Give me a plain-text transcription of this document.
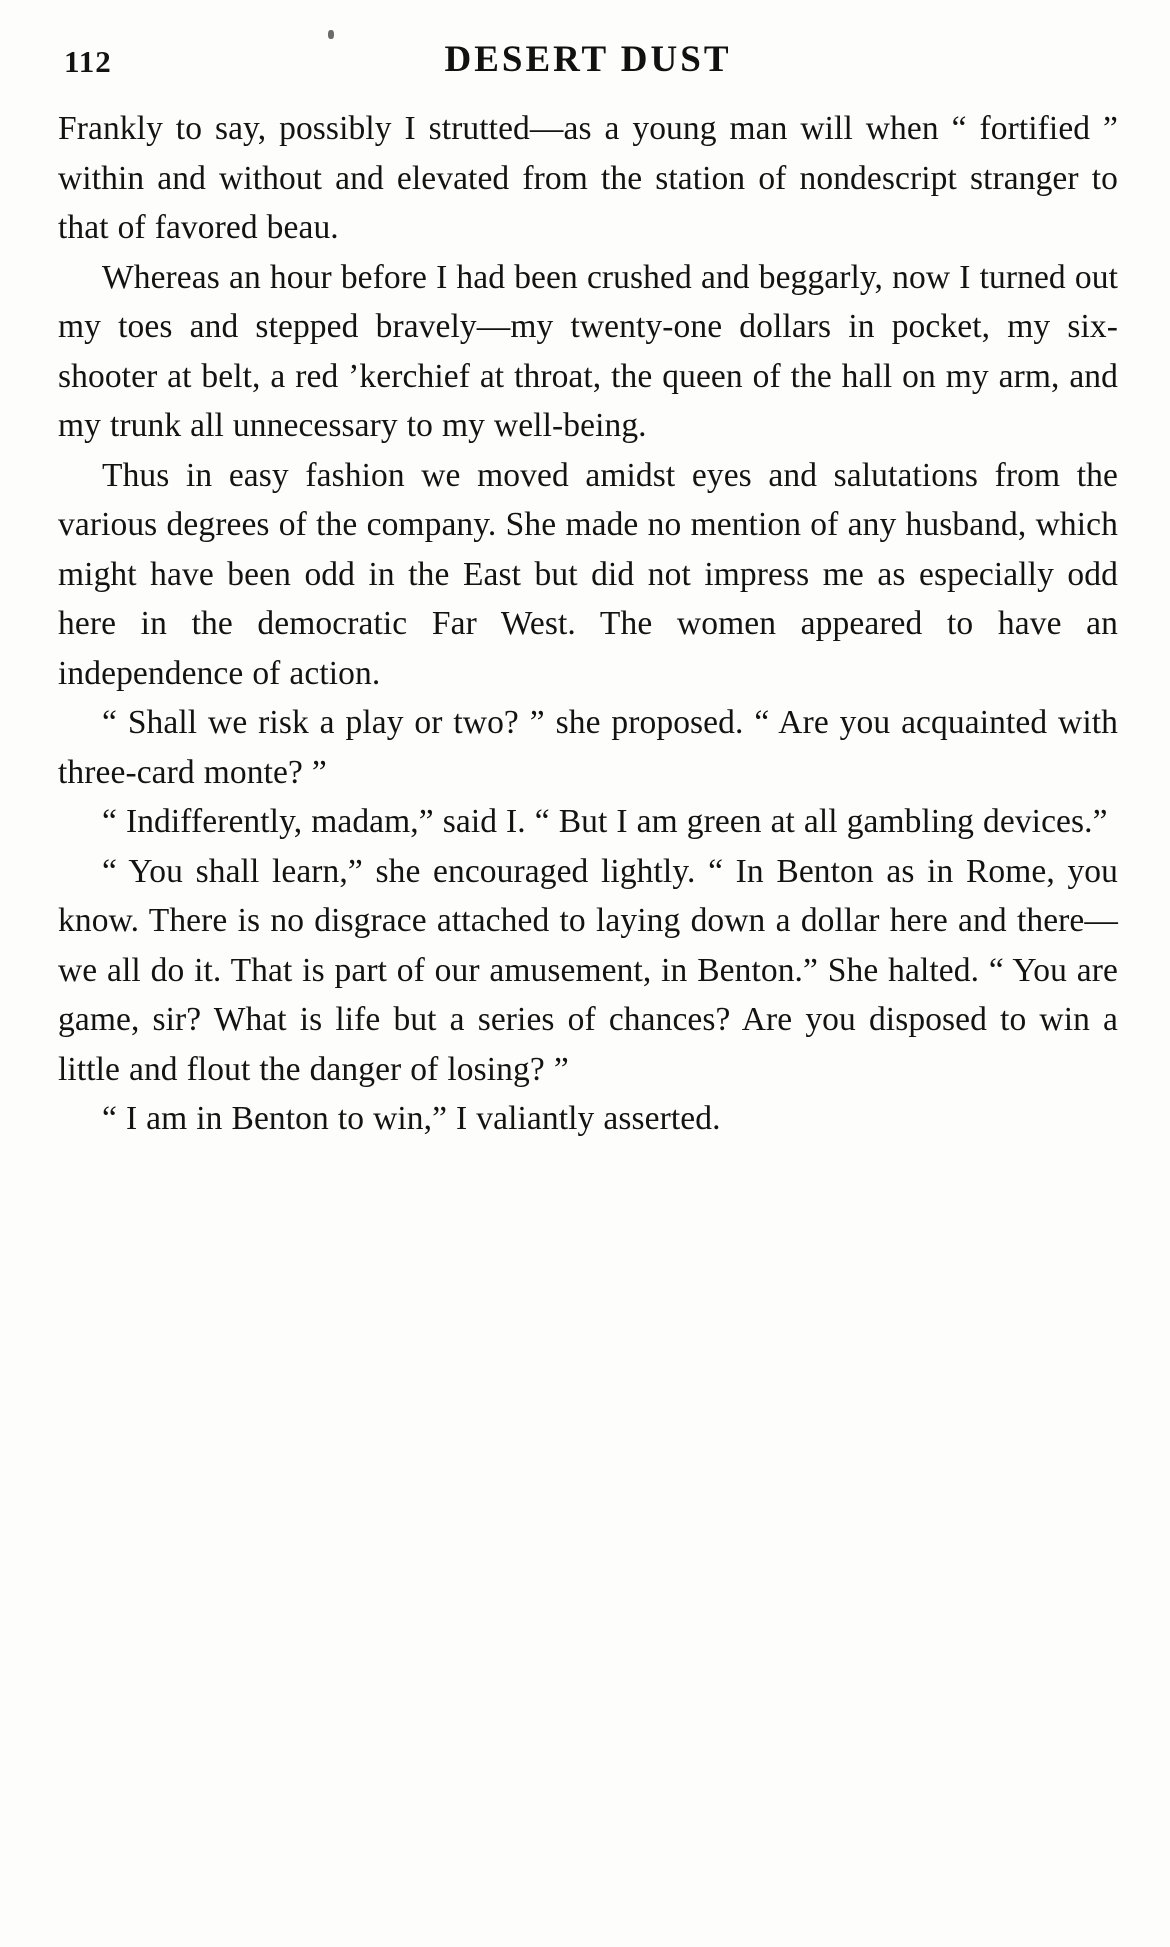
112	DESERT DUST

Frankly to say, possibly I strutted—as a young man will when “ fortified ” within and without and elevated from the station of nondescript stranger to that of favored beau.

Whereas an hour before I had been crushed and beggarly, now I turned out my toes and stepped bravely—my twenty-one dollars in pocket, my six-shooter at belt, a red ’kerchief at throat, the queen of the hall on my arm, and my trunk all unnecessary to my well-being.

Thus in easy fashion we moved amidst eyes and salutations from the various degrees of the company. She made no mention of any husband, which might have been odd in the East but did not impress me as especially odd here in the democratic Far West. The women appeared to have an independence of action.

“ Shall we risk a play or two? ” she proposed. “ Are you acquainted with three-card monte? ”

“ Indifferently, madam,” said I. “ But I am green at all gambling devices.”

“ You shall learn,” she encouraged lightly. “ In Benton as in Rome, you know. There is no disgrace attached to laying down a dollar here and there—we all do it. That is part of our amusement, in Benton.” She halted. “ You are game, sir? What is life but a series of chances? Are you disposed to win a little and flout the danger of losing? ”

“ I am in Benton to win,” I valiantly asserted.
